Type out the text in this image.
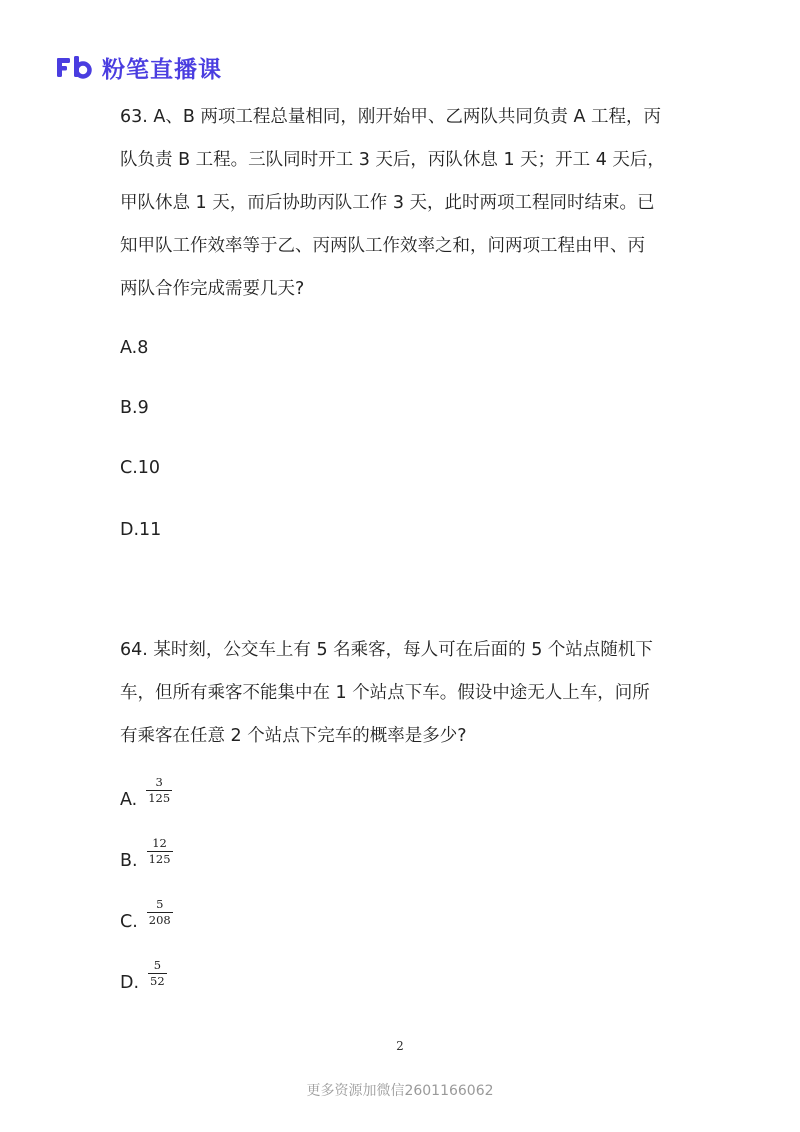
粉笔直播课
63. A、B 两项工程总量相同，刚开始甲、乙两队共同负责 A 工程，丙
队负责 B 工程。三队同时开工 3 天后，丙队休息 1 天；开工 4 天后，
甲队休息 1 天，而后协助丙队工作 3 天，此时两项工程同时结束。已
知甲队工作效率等于乙、丙两队工作效率之和，问两项工程由甲、丙
两队合作完成需要几天?
A.8
B.9
C.10
D.11
64. 某时刻，公交车上有 5 名乘客，每人可在后面的 5 个站点随机下
车，但所有乘客不能集中在 1 个站点下车。假设中途无人上车，问所
有乘客在任意 2 个站点下完车的概率是多少?
A. $\frac{3}{125}$
B. $\frac{12}{125}$
C. $\frac{5}{208}$
D. $\frac{5}{52}$
2
更多资源加微信2601166062
